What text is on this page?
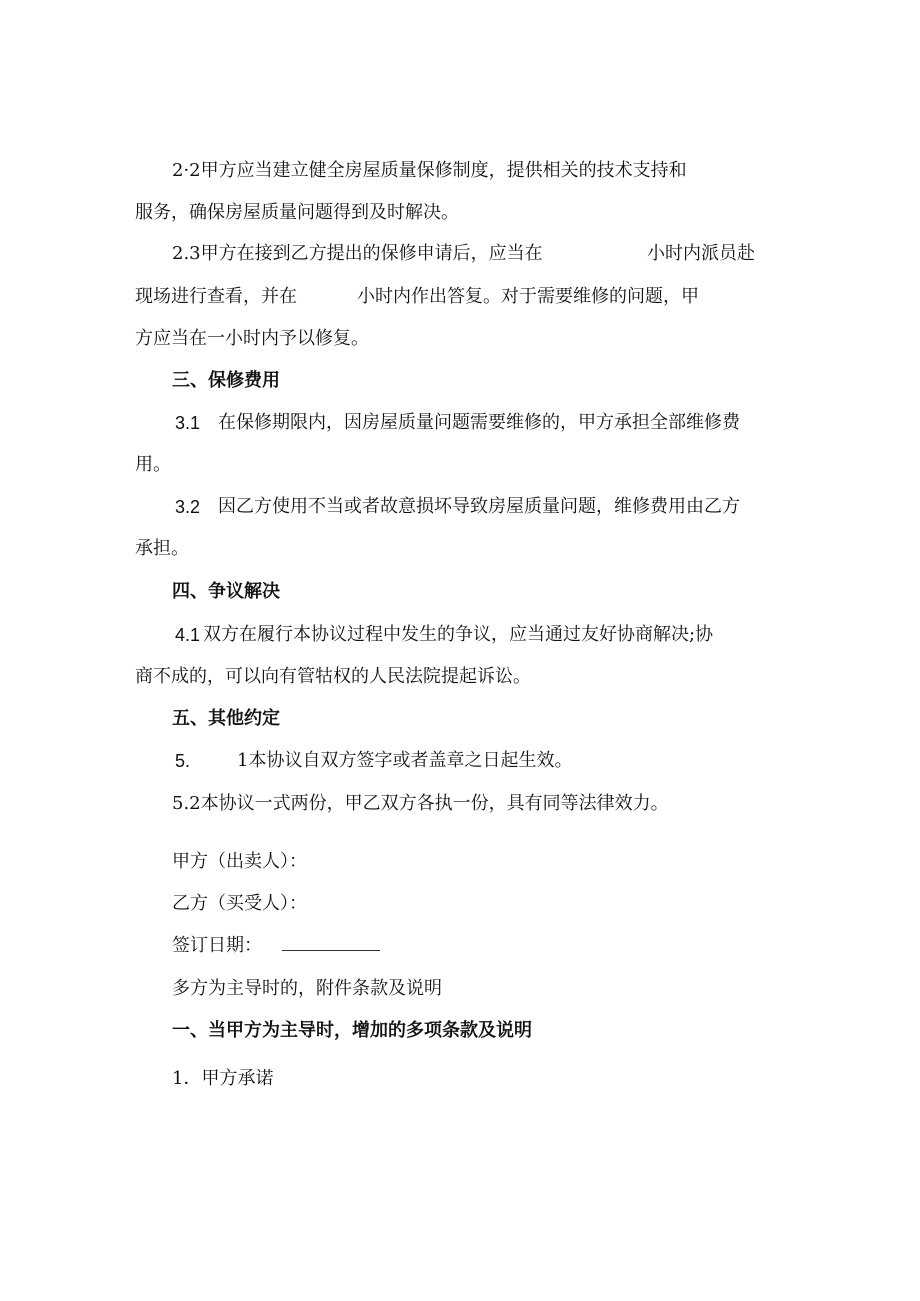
2·2甲方应当建立健全房屋质量保修制度，提供相关的技术支持和
服务，确保房屋质量问题得到及时解决。
2.3甲方在接到乙方提出的保修申请后，应当在	小时内派员赴
现场进行查看，并在	小时内作出答复。对于需要维修的问题，甲
方应当在一小时内予以修复。
三、保修费用
3.1 在保修期限内，因房屋质量问题需要维修的，甲方承担全部维修费
用。
3.2 因乙方使用不当或者故意损坏导致房屋质量问题，维修费用由乙方
承担。
四、争议解决
4.1 双方在履行本协议过程中发生的争议，应当通过友好协商解决;协
商不成的，可以向有管牯权的人民法院提起诉讼。
五、其他约定
5.	1本协议自双方签字或者盖章之日起生效。
5.2本协议一式两份，甲乙双方各执一份，具有同等法律效力。
甲方（出卖人）：
乙方（买受人）：
签订日期：
多方为主导时的，附件条款及说明
一、当甲方为主导时，增加的多项条款及说明
1．甲方承诺
